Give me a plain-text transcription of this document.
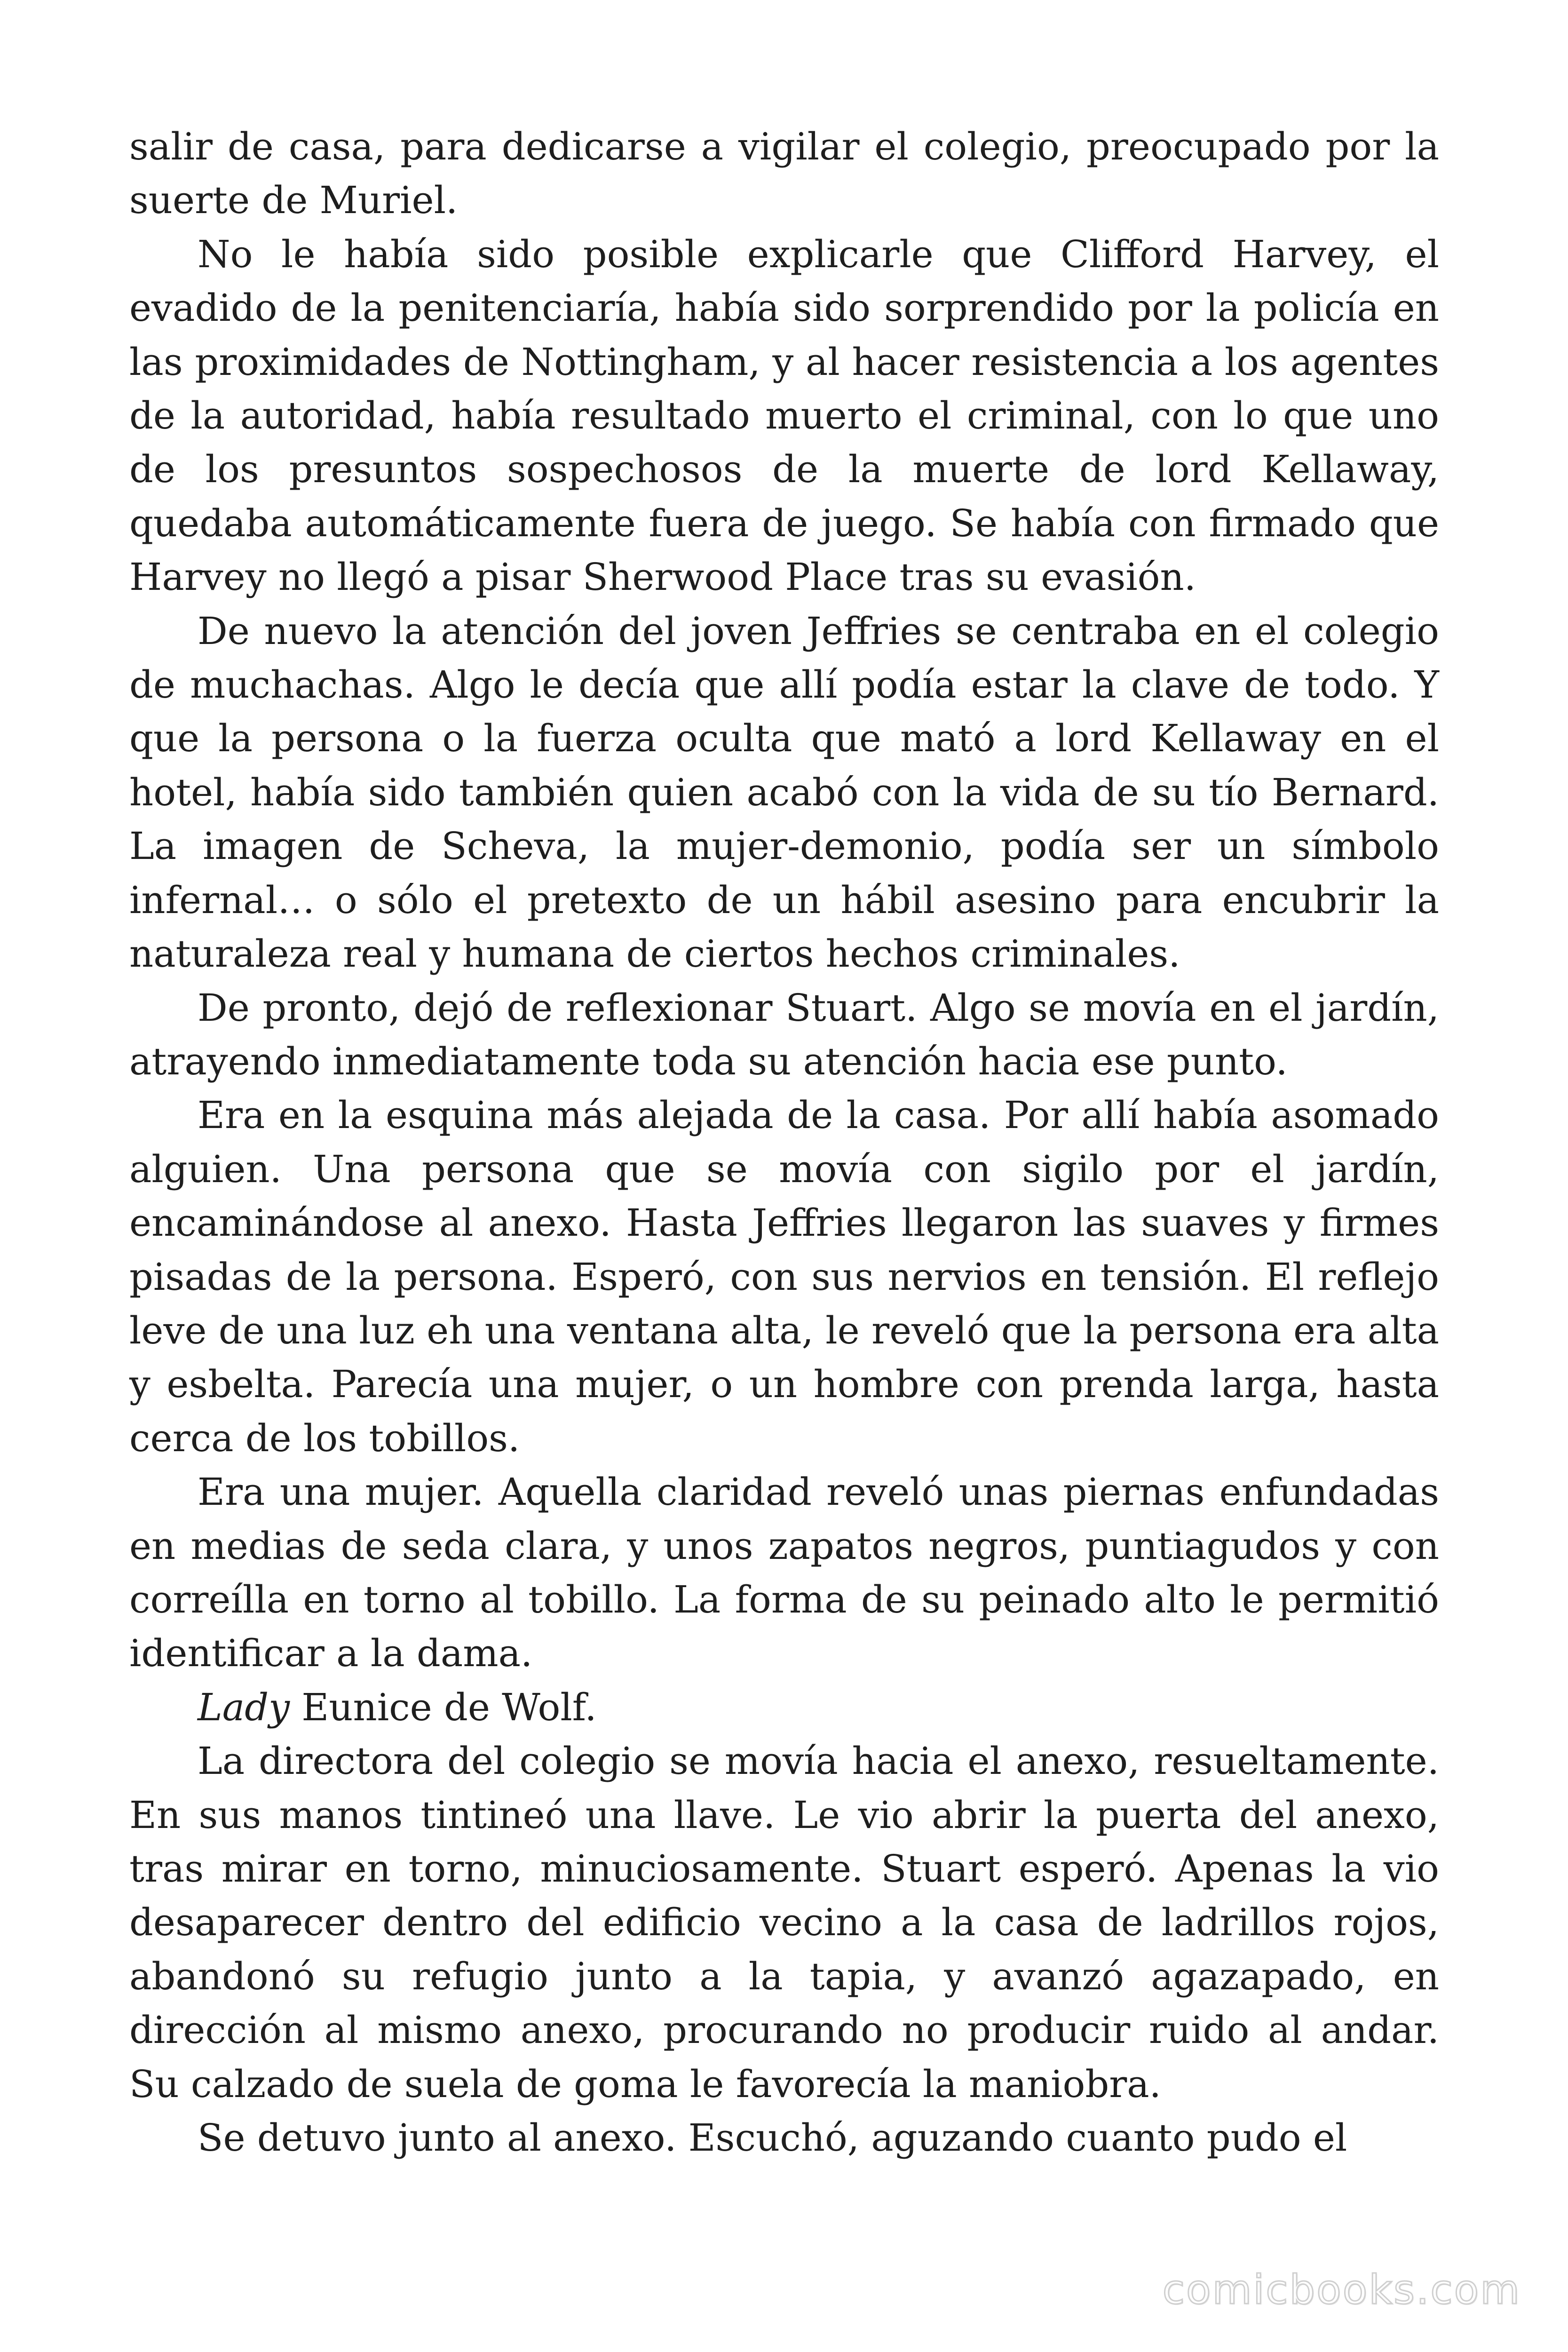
salir de casa, para dedicarse a vigilar el colegio, preocupado por la suerte de Muriel.

No le había sido posible explicarle que Clifford Harvey, el evadido de la penitenciaría, había sido sorprendido por la policía en las proximidades de Nottingham, y al hacer resistencia a los agentes de la autoridad, había resultado muerto el criminal, con lo que uno de los presuntos sospechosos de la muerte de lord Kellaway, quedaba automáticamente fuera de juego. Se había con firmado que Harvey no llegó a pisar Sherwood Place tras su evasión.

De nuevo la atención del joven Jeffries se centraba en el colegio de muchachas. Algo le decía que allí podía estar la clave de todo. Y que la persona o la fuerza oculta que mató a lord Kellaway en el hotel, había sido también quien acabó con la vida de su tío Bernard. La imagen de Scheva, la mujer-demonio, podía ser un símbolo infernal… o sólo el pretexto de un hábil asesino para encubrir la naturaleza real y humana de ciertos hechos criminales.

De pronto, dejó de reflexionar Stuart. Algo se movía en el jardín, atrayendo inmediatamente toda su atención hacia ese punto.

Era en la esquina más alejada de la casa. Por allí había asomado alguien. Una persona que se movía con sigilo por el jardín, encaminándose al anexo. Hasta Jeffries llegaron las suaves y firmes pisadas de la persona. Esperó, con sus nervios en tensión. El reflejo leve de una luz eh una ventana alta, le reveló que la persona era alta y esbelta. Parecía una mujer, o un hombre con prenda larga, hasta cerca de los tobillos.

Era una mujer. Aquella claridad reveló unas piernas enfundadas en medias de seda clara, y unos zapatos negros, puntiagudos y con correílla en torno al tobillo. La forma de su peinado alto le permitió identificar a la dama.

Lady Eunice de Wolf.

La directora del colegio se movía hacia el anexo, resueltamente. En sus manos tintineó una llave. Le vio abrir la puerta del anexo, tras mirar en torno, minuciosamente. Stuart esperó. Apenas la vio desaparecer dentro del edificio vecino a la casa de ladrillos rojos, abandonó su refugio junto a la tapia, y avanzó agazapado, en dirección al mismo anexo, procurando no producir ruido al andar. Su calzado de suela de goma le favorecía la maniobra.

Se detuvo junto al anexo. Escuchó, aguzando cuanto pudo el

comicbooks.com
